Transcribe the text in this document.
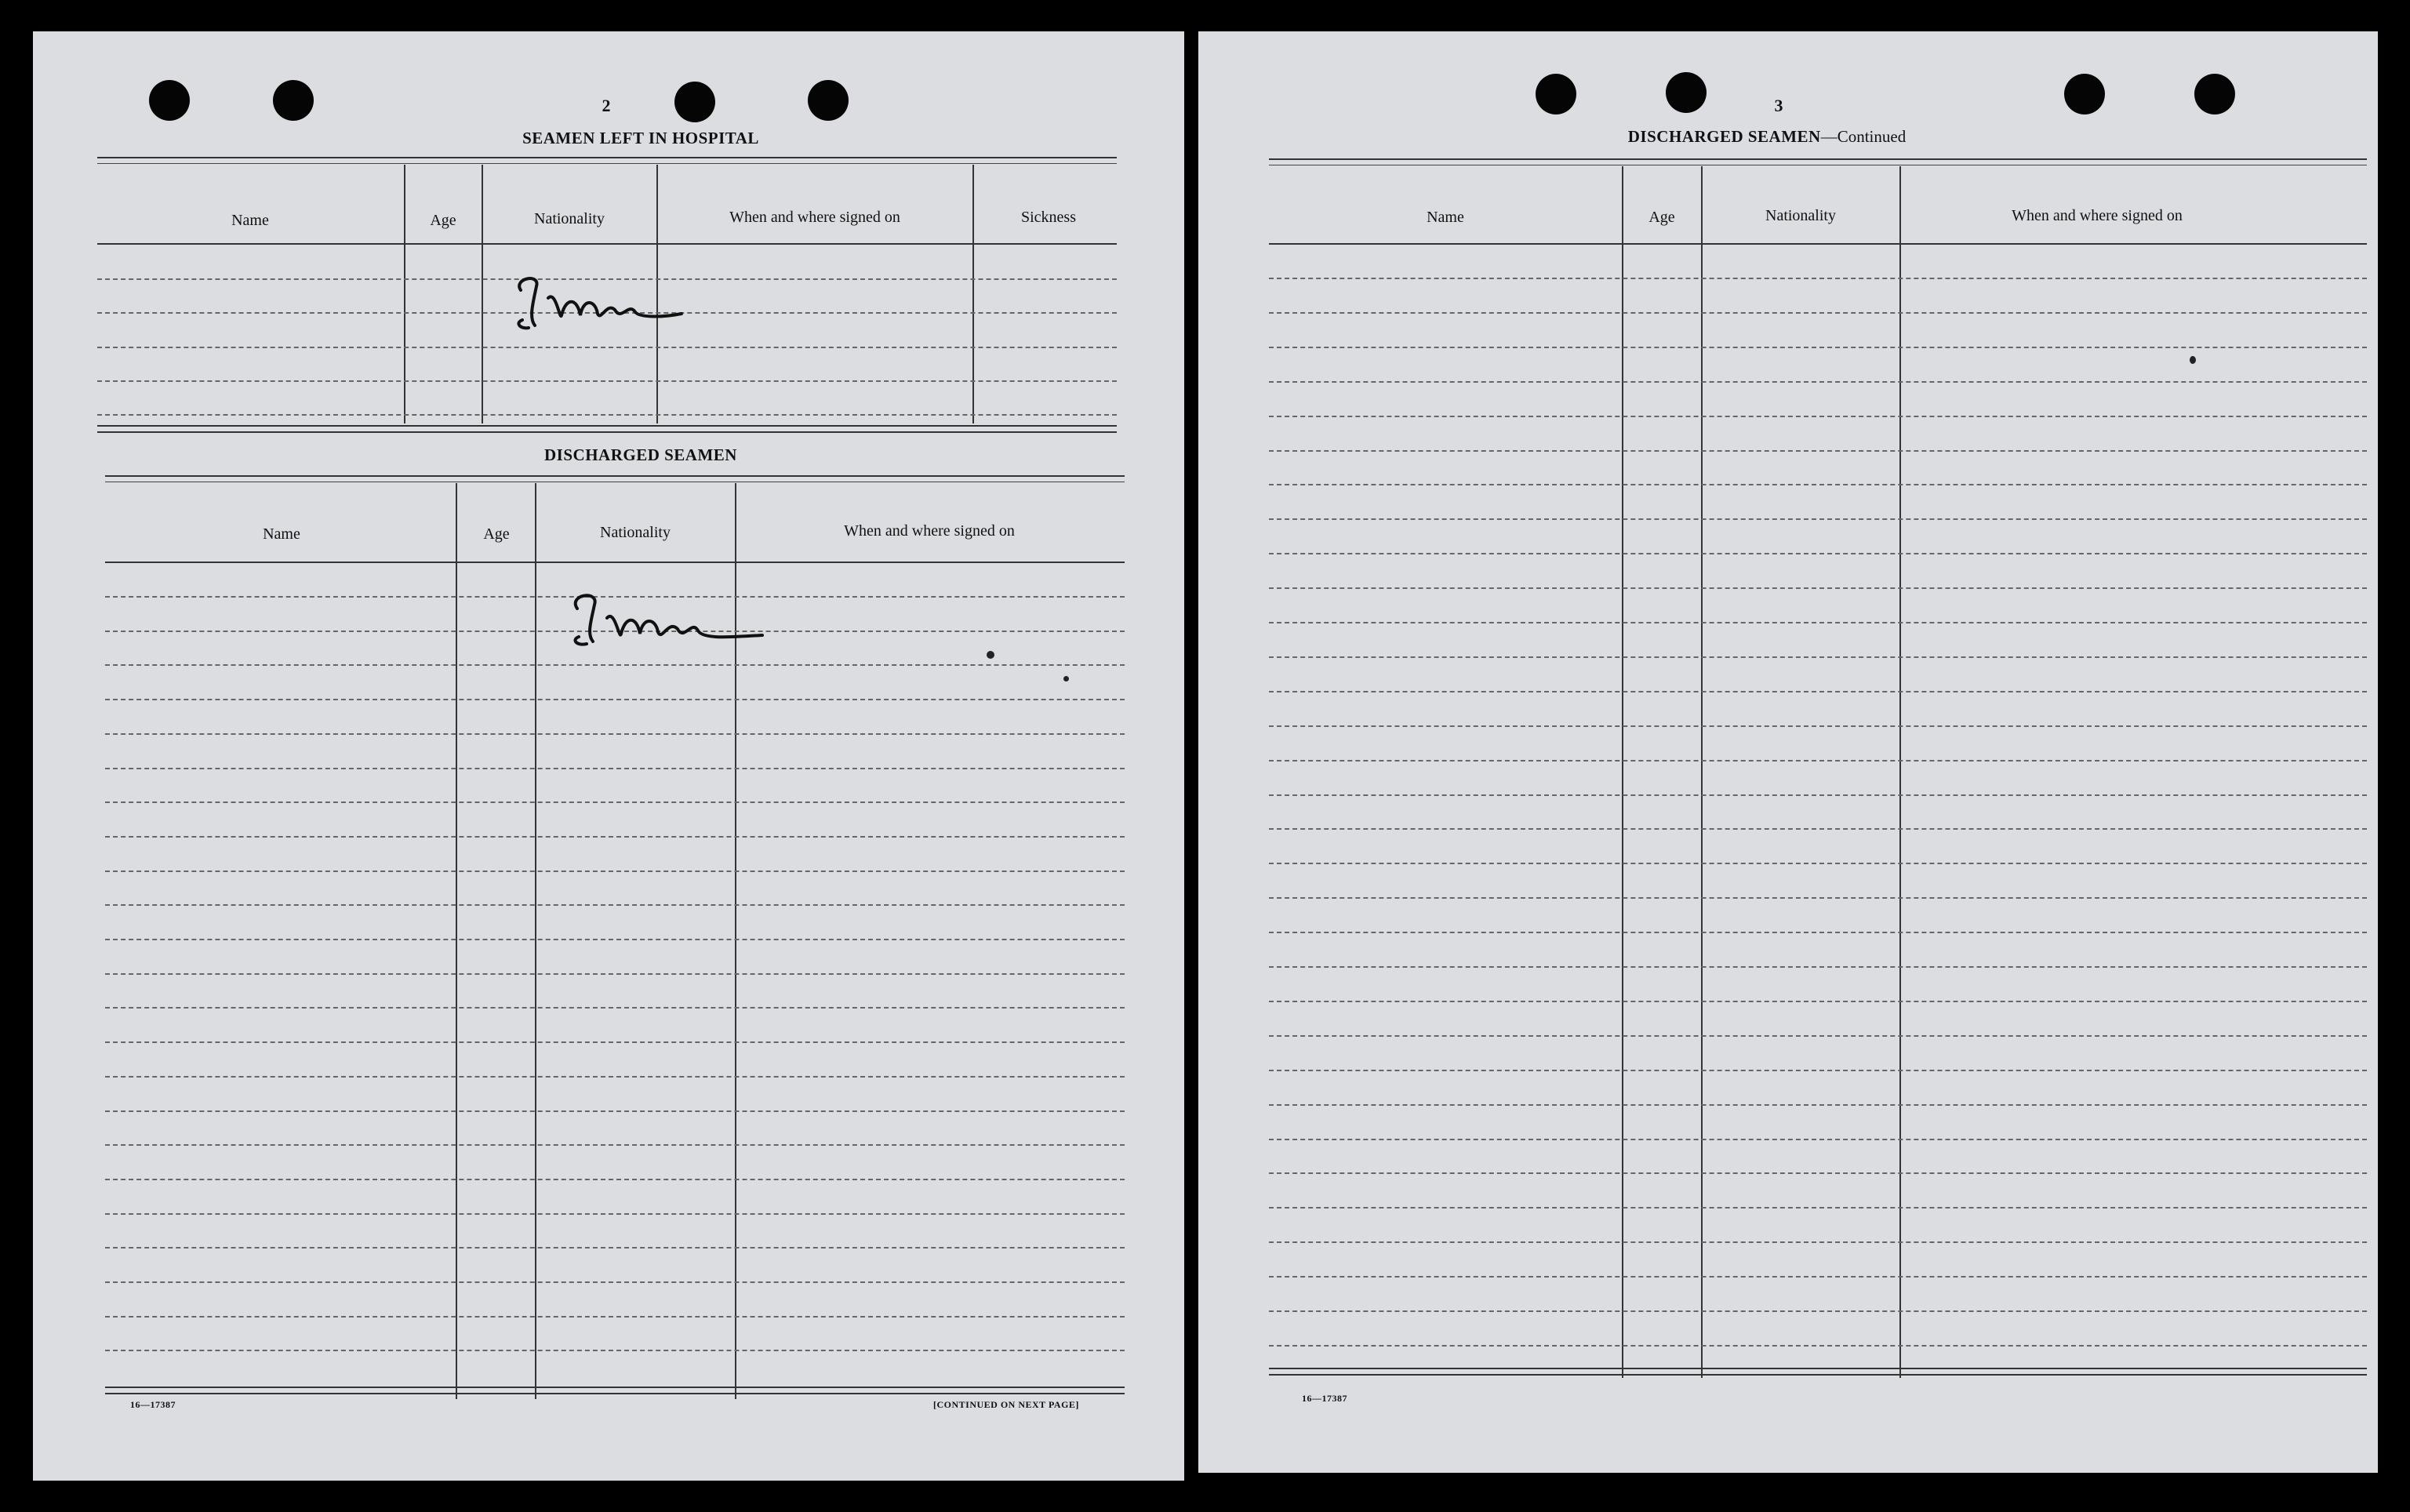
2
SEAMEN LEFT IN HOSPITAL
Name	Age	Nationality	When and where signed on	Sickness
None
DISCHARGED SEAMEN
Name	Age	Nationality	When and where signed on
None
16—17387	[CONTINUED ON NEXT PAGE]
3
DISCHARGED SEAMEN—Continued
Name	Age	Nationality	When and where signed on
16—17387
